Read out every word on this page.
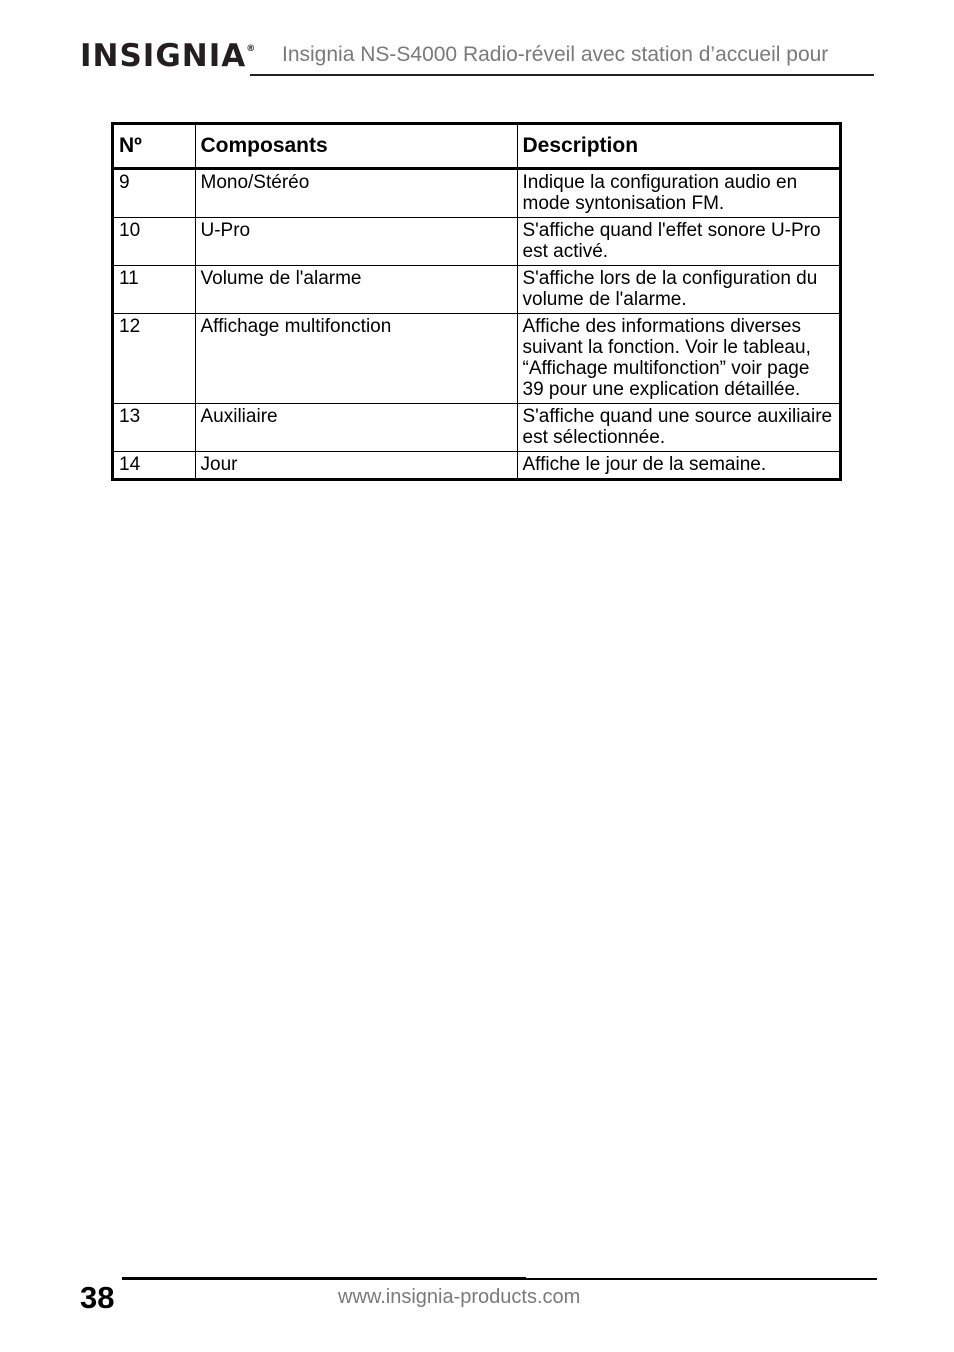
INSIGNIA® Insignia NS-S4000 Radio-réveil avec station d’accueil pour
Nº	Composants	Description
9	Mono/Stéréo	Indique la configuration audio en mode syntonisation FM.
10	U-Pro	S'affiche quand l'effet sonore U-Pro est activé.
11	Volume de l'alarme	S'affiche lors de la configuration du volume de l'alarme.
12	Affichage multifonction	Affiche des informations diverses suivant la fonction. Voir le tableau, “Affichage multifonction” voir page 39 pour une explication détaillée.
13	Auxiliaire	S'affiche quand une source auxiliaire est sélectionnée.
14	Jour	Affiche le jour de la semaine.
38	www.insignia-products.com
